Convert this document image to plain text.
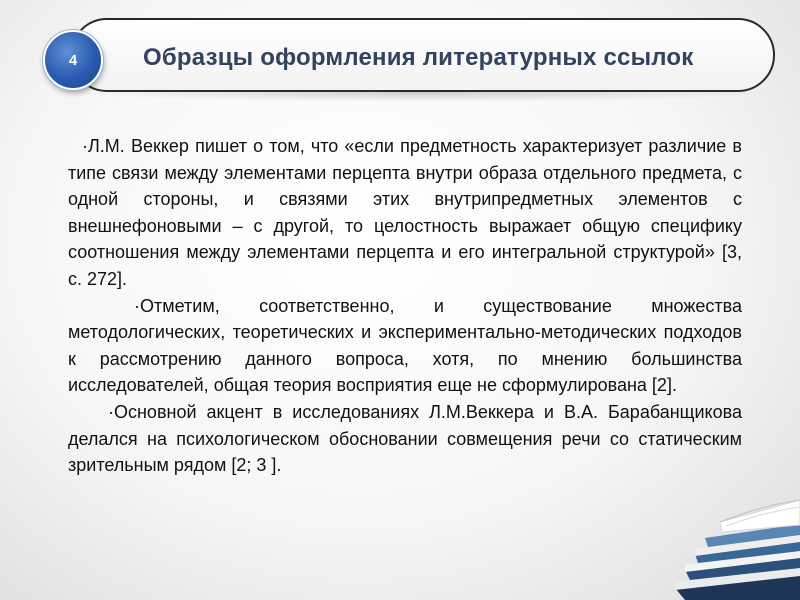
4	Образцы оформления литературных ссылок

·Л.М. Веккер пишет о том, что «если предметность характеризует различие в типе связи между элементами перцепта внутри образа отдельного предмета, с одной стороны, и связями этих внутрипредметных элементов с внешнефоновыми – с другой, то целостность выражает общую специфику соотношения между элементами перцепта и его интегральной структурой» [3, с. 272].

·Отметим, соответственно, и существование множества методологических, теоретических и экспериментально-методических подходов к рассмотрению данного вопроса, хотя, по мнению большинства исследователей, общая теория восприятия еще не сформулирована [2].

·Основной акцент в исследованиях Л.М.Веккера и В.А. Барабанщикова делался на психологическом обосновании совмещения речи со статическим зрительным рядом [2; 3 ].
